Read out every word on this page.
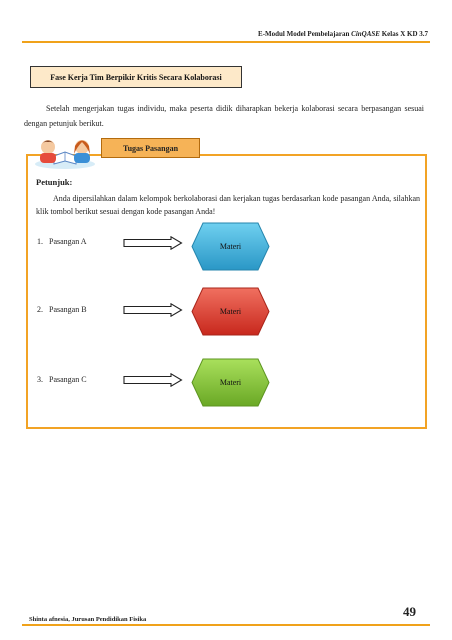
E-Modul Model Pembelajaran CinQASE Kelas X KD 3.7
Fase Kerja Tim Berpikir Kritis Secara Kolaborasi
Setelah mengerjakan tugas individu, maka peserta didik diharapkan bekerja kolaborasi secara berpasangan sesuai dengan petunjuk berikut.
Tugas Pasangan
Petunjuk:
Anda dipersilahkan dalam kelompok berkolaborasi dan kerjakan tugas berdasarkan kode pasangan Anda, silahkan klik tombol berikut sesuai dengan kode pasangan Anda!
1.   Pasangan A
Materi
2.   Pasangan B	Materi
3.   Pasangan C	Materi
49
Shinta afnesia, Jurusan Pendidikan Fisika
